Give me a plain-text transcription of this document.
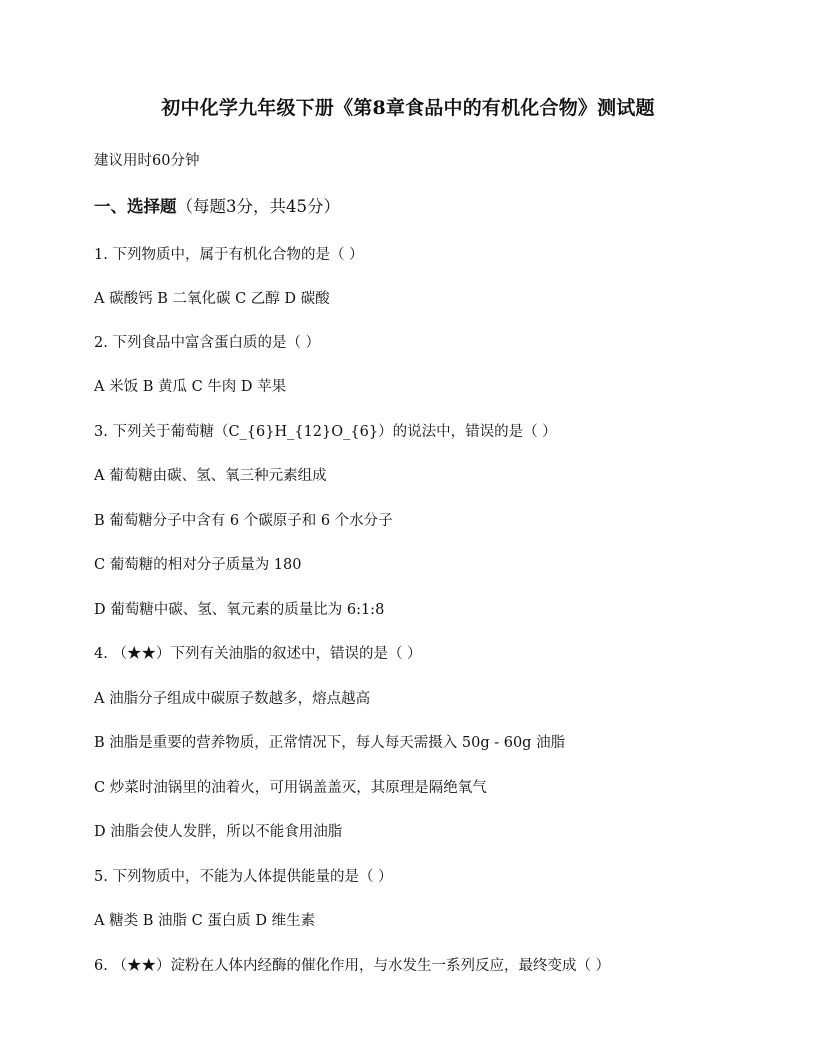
初中化学九年级下册《第8章食品中的有机化合物》测试题
建议用时60分钟
一、选择题（每题3分，共45分）
1. 下列物质中，属于有机化合物的是（ ）
A 碳酸钙 B 二氧化碳 C 乙醇 D 碳酸
2. 下列食品中富含蛋白质的是（ ）
A 米饭 B 黄瓜 C 牛肉 D 苹果
3. 下列关于葡萄糖（C_{6}H_{12}O_{6}）的说法中，错误的是（ ）
A 葡萄糖由碳、氢、氧三种元素组成
B 葡萄糖分子中含有 6 个碳原子和 6 个水分子
C 葡萄糖的相对分子质量为 180
D 葡萄糖中碳、氢、氧元素的质量比为 6:1:8
4. （★★）下列有关油脂的叙述中，错误的是（ ）
A 油脂分子组成中碳原子数越多，熔点越高
B 油脂是重要的营养物质，正常情况下，每人每天需摄入 50g - 60g 油脂
C 炒菜时油锅里的油着火，可用锅盖盖灭，其原理是隔绝氧气
D 油脂会使人发胖，所以不能食用油脂
5. 下列物质中，不能为人体提供能量的是（ ）
A 糖类 B 油脂 C 蛋白质 D 维生素
6. （★★）淀粉在人体内经酶的催化作用，与水发生一系列反应，最终变成（ ）
